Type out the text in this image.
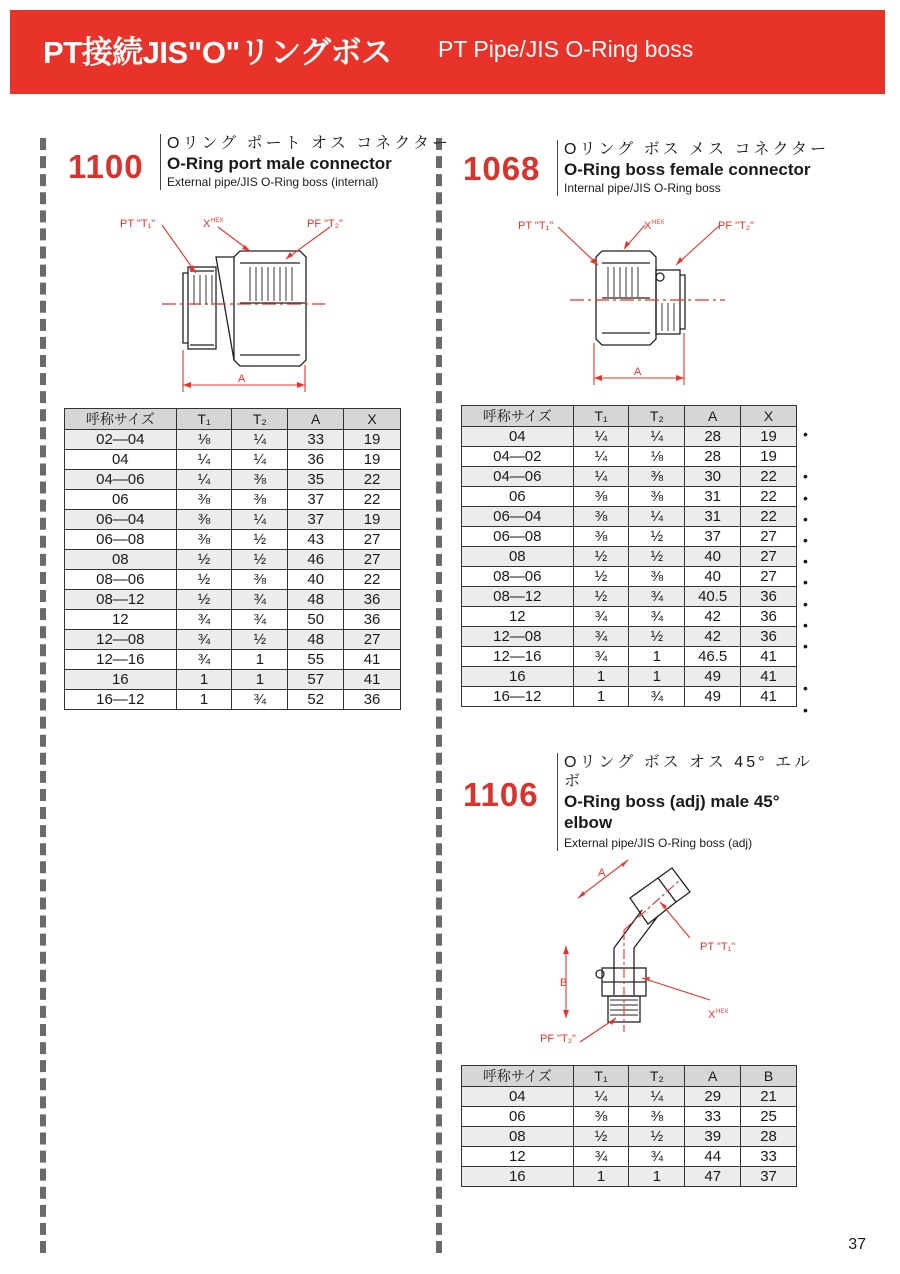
PT接続JIS"O"リングボス PT Pipe/JIS O-Ring boss
1100
Oリング ポート オス コネクター
O-Ring port male connector
External pipe/JIS O-Ring boss (internal)
PT "T₁"	X HEX	PF "T₂"
A
呼称サイズ	T₁	T₂	A	X
02—04	⅛	¼	33	19
04	¼	¼	36	19
04—06	¼	⅜	35	22
06	⅜	⅜	37	22
06—04	⅜	¼	37	19
06—08	⅜	½	43	27
08	½	½	46	27
08—06	½	⅜	40	22
08—12	½	¾	48	36
12	¾	¾	50	36
12—08	¾	½	48	27
12—16	¾	1	55	41
16	1	1	57	41
16—12	1	¾	52	36
1068
Oリング ボス メス コネクター
O-Ring boss female connector
Internal pipe/JIS O-Ring boss
PT "T₁"	X HEX	PF "T₂"
A
呼称サイズ	T₁	T₂	A	X
04	¼	¼	28	19
04—02	¼	⅛	28	19
04—06	¼	⅜	30	22
06	⅜	⅜	31	22
06—04	⅜	¼	31	22
06—08	⅜	½	37	27
08	½	½	40	27
08—06	½	⅜	40	27
08—12	½	¾	40.5	36
12	¾	¾	42	36
12—08	¾	½	42	36
12—16	¾	1	46.5	41
16	1	1	49	41
16—12	1	¾	49	41
•
•
•
•
•
•
•
•
•
•
•
•
1106
Oリング ボス オス 45° エルボ
O-Ring boss (adj) male 45° elbow
External pipe/JIS O-Ring boss (adj)
A
B
PT "T₁"
X HEX
PF "T₂"
呼称サイズ	T₁	T₂	A	B
04	¼	¼	29	21
06	⅜	⅜	33	25
08	½	½	39	28
12	¾	¾	44	33
16	1	1	47	37
37
